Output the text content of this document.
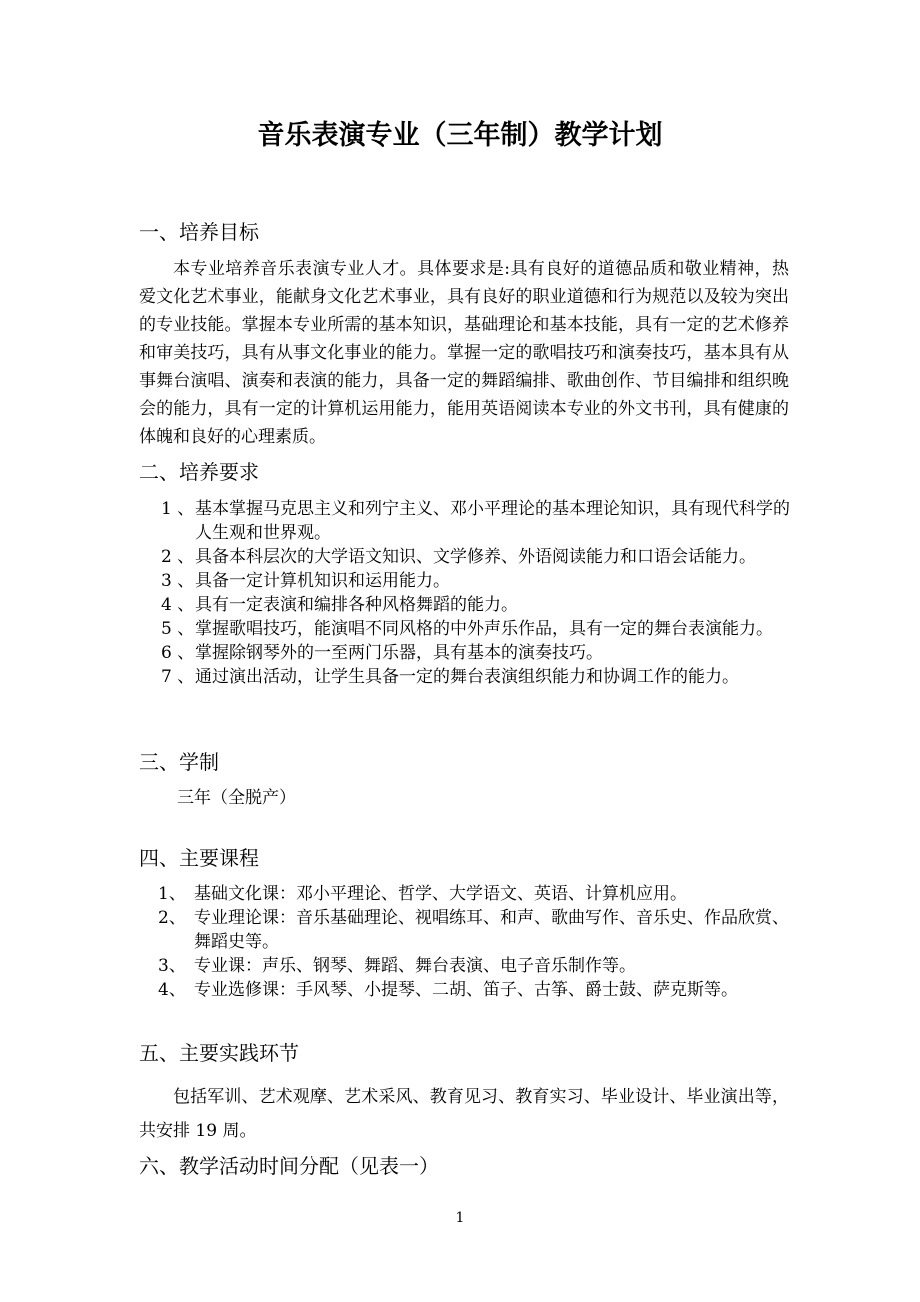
音乐表演专业（三年制）教学计划
一、培养目标

本专业培养音乐表演专业人才。具体要求是:具有良好的道德品质和敬业精神，热爱文化艺术事业，能献身文化艺术事业，具有良好的职业道德和行为规范以及较为突出的专业技能。掌握本专业所需的基本知识，基础理论和基本技能，具有一定的艺术修养和审美技巧，具有从事文化事业的能力。掌握一定的歌唱技巧和演奏技巧，基本具有从事舞台演唱、演奏和表演的能力，具备一定的舞蹈编排、歌曲创作、节目编排和组织晚会的能力，具有一定的计算机运用能力，能用英语阅读本专业的外文书刊，具有健康的体魄和良好的心理素质。

二、培养要求
1 、 基本掌握马克思主义和列宁主义、邓小平理论的基本理论知识，具有现代科学的人生观和世界观。
2 、 具备本科层次的大学语文知识、文学修养、外语阅读能力和口语会话能力。
3 、 具备一定计算机知识和运用能力。
4 、 具有一定表演和编排各种风格舞蹈的能力。
5 、 掌握歌唱技巧，能演唱不同风格的中外声乐作品，具有一定的舞台表演能力。
6 、 掌握除钢琴外的一至两门乐器，具有基本的演奏技巧。
7 、 通过演出活动，让学生具备一定的舞台表演组织能力和协调工作的能力。
三、学制

三年（全脱产）

四、主要课程
1、 基础文化课：邓小平理论、哲学、大学语文、英语、计算机应用。
2、 专业理论课：音乐基础理论、视唱练耳、和声、歌曲写作、音乐史、作品欣赏、舞蹈史等。
3、 专业课：声乐、钢琴、舞蹈、舞台表演、电子音乐制作等。
4、 专业选修课：手风琴、小提琴、二胡、笛子、古筝、爵士鼓、萨克斯等。
五、主要实践环节

包括军训、艺术观摩、艺术采风、教育见习、教育实习、毕业设计、毕业演出等，共安排 19 周。

六、教学活动时间分配（见表一）
1
